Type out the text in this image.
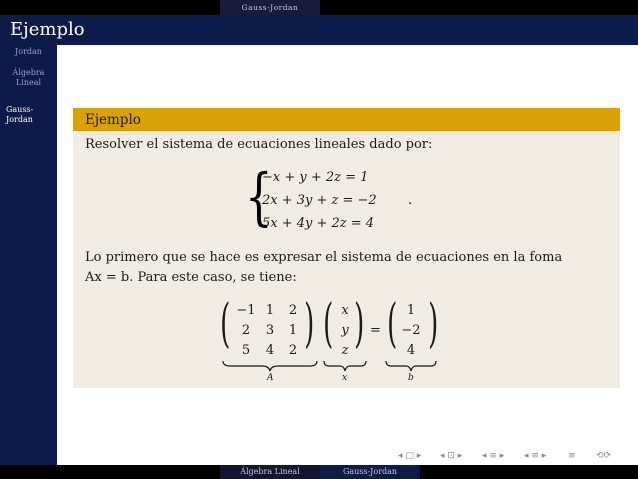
Gauss-Jordan
Ejemplo
Jordan
Álgebra Lineal
Gauss-Jordan	Ejemplo
Resolver el sistema de ecuaciones lineales dado por:
{
−x + y + 2z = 1
2x + 3y + z = −2
5x + 4y + 2z = 4
.
Lo primero que se hace es expresar el sistema de ecuaciones en la foma
Ax = b. Para este caso, se tiene:
( )
−1 1	2
2	3	1
5	4	2 ( )
x
y
z
= ( )
1
−2
4
A	x	b
◂ □ ▸ ◂ ⊡ ▸ ◂ ≡ ▸ ◂ ≡ ▸ ≡ ⟲⟳
Álgebra Lineal	Gauss-Jordan
